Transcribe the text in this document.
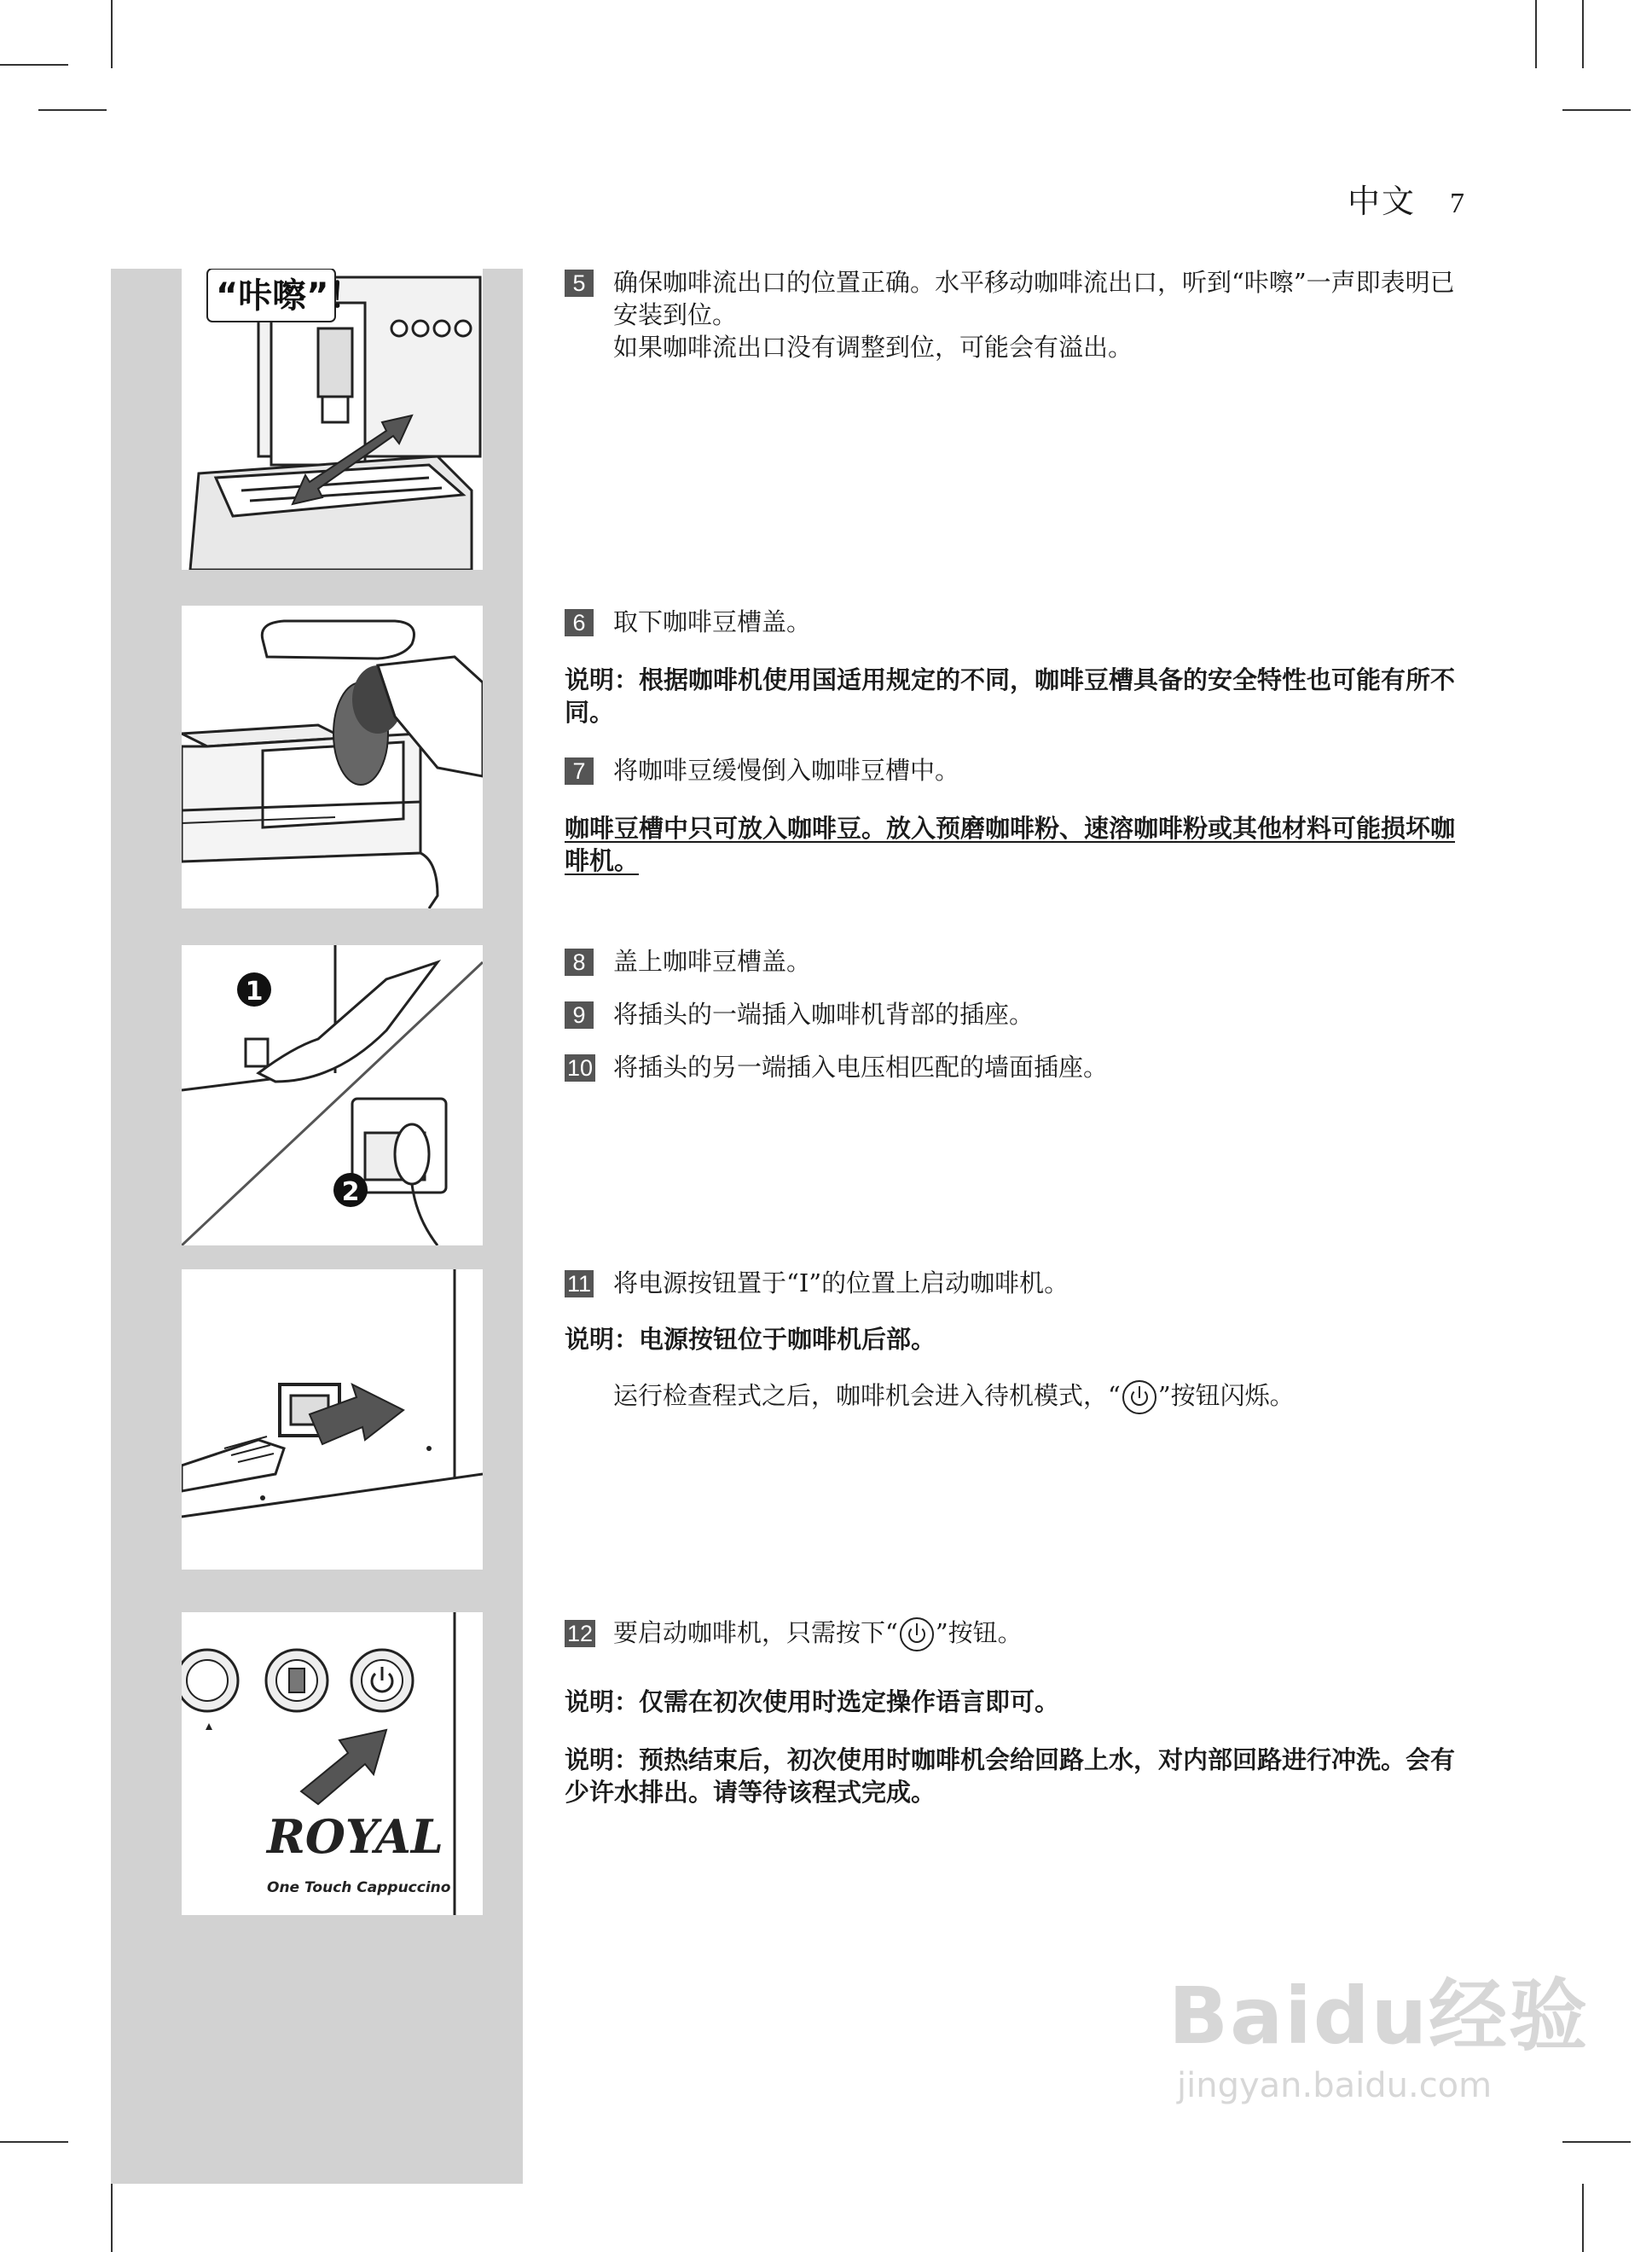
中文 7
“咔嚓”！
1
2
ROYAL
One Touch Cappuccino

5	确保咖啡流出口的位置正确。水平移动咖啡流出口，听到“咔嚓”一声即表明已安装到位。

如果咖啡流出口没有调整到位，可能会有溢出。

6	取下咖啡豆槽盖。

说明：根据咖啡机使用国适用规定的不同，咖啡豆槽具备的安全特性也可能有所不同。

7	将咖啡豆缓慢倒入咖啡豆槽中。

咖啡豆槽中只可放入咖啡豆。放入预磨咖啡粉、速溶咖啡粉或其他材料可能损坏咖啡机。

8	盖上咖啡豆槽盖。

9	将插头的一端插入咖啡机背部的插座。

10 将插头的另一端插入电压相匹配的墙面插座。

11 将电源按钮置于“I”的位置上启动咖啡机。

说明：电源按钮位于咖啡机后部。

运行检查程式之后，咖啡机会进入待机模式，“ ”按钮闪烁。

12 要启动咖啡机，只需按下“ ”按钮。

说明：仅需在初次使用时选定操作语言即可。

说明：预热结束后，初次使用时咖啡机会给回路上水，对内部回路进行冲洗。会有少许水排出。请等待该程式完成。

Baidu经验
jingyan.baidu.com
